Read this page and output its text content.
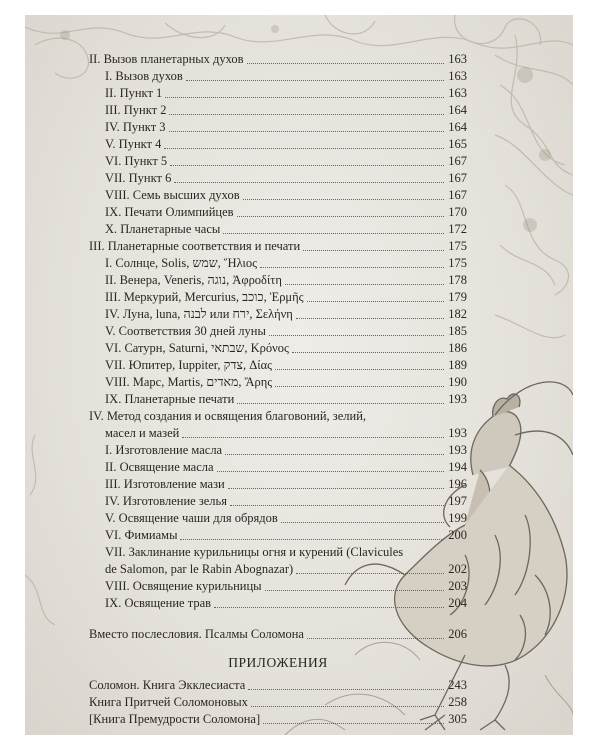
II. Вызов планетарных духов	163
I. Вызов духов	163
II. Пункт 1	163
III. Пункт 2	164
IV. Пункт 3	164
V. Пункт 4	165
VI. Пункт 5	167
VII. Пункт 6	167
VIII. Семь высших духов	167
IX. Печати Олимпийцев	170
X. Планетарные часы	172
III. Планетарные соответствия и печати	175
I. Солнце, Solis, שמש, Ἥλιος	175
II. Венера, Veneris, נוגה, Ἀφροδίτη	178
III. Меркурий, Mercurius, כוכב, Ἑρμῆς	179
IV. Луна, luna, לבנה или ירח, Σελήνη	182
V. Соответствия 30 дней луны	185
VI. Сатурн, Saturni, שבתאי, Κρόνος	186
VII. Юпитер, Iuppiter, צדק, Δίας	189
VIII. Марс, Martis, מאדים, Ἄρης	190
IX. Планетарные печати	193
IV. Метод создания и освящения благовоний, зелий,
масел и мазей	193
I. Изготовление масла	193
II. Освящение масла	194
III. Изготовление мази	196
IV. Изготовление зелья	197
V. Освящение чаши для обрядов	199
VI. Фимиамы	200
VII. Заклинание курильницы огня и курений (Clavicules
de Salomon, par le Rabin Abognazar)	202
VIII. Освящение курильницы	203
IX. Освящение трав	204
Вместо послесловия. Псалмы Соломона	206
ПРИЛОЖЕНИЯ
Соломон. Книга Экклесиаста	243
Книга Притчей Соломоновых	258
[Книга Премудрости Соломона]	305
